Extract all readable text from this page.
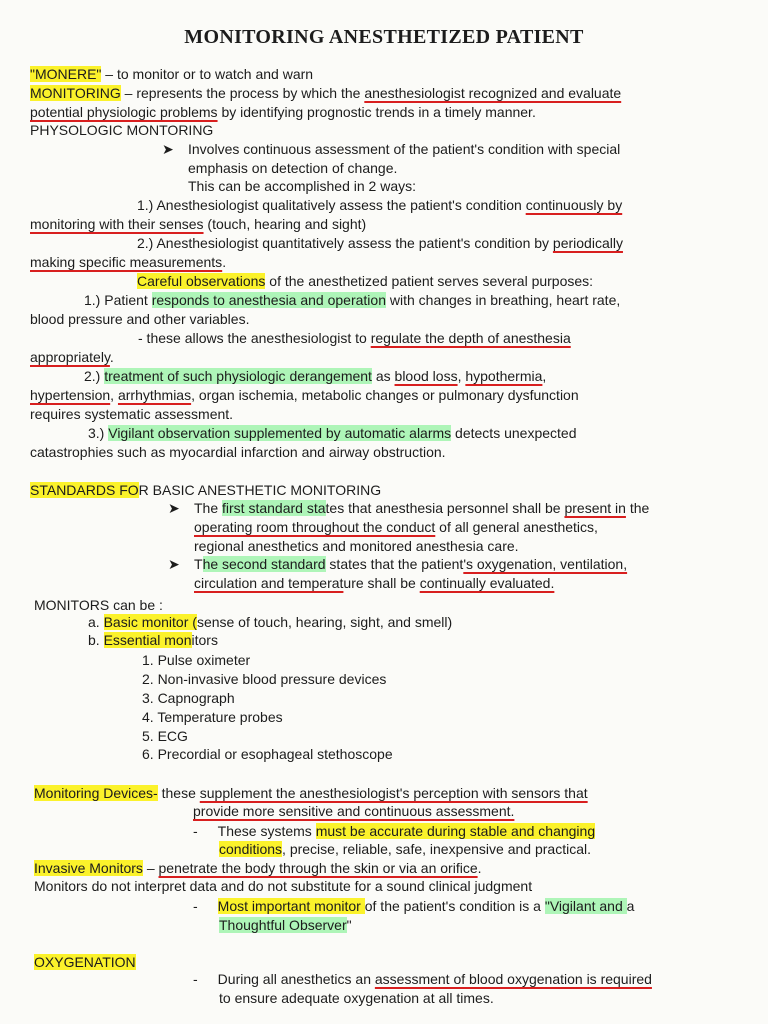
MONITORING ANESTHETIZED PATIENT
"MONERE" – to monitor or to watch and warn
MONITORING – represents the process by which the anesthesiologist recognized and evaluate
potential physiologic problems by identifying prognostic trends in a timely manner.
PHYSOLOGIC MONTORING
➤ Involves continuous assessment of the patient's condition with special
emphasis on detection of change.
This can be accomplished in 2 ways:
1.) Anesthesiologist qualitatively assess the patient's condition continuously by
monitoring with their senses (touch, hearing and sight)
2.) Anesthesiologist quantitatively assess the patient's condition by periodically
making specific measurements.
Careful observations of the anesthetized patient serves several purposes:
1.) Patient responds to anesthesia and operation with changes in breathing, heart rate,
blood pressure and other variables.
- these allows the anesthesiologist to regulate the depth of anesthesia
appropriately.
2.) treatment of such physiologic derangement as blood loss, hypothermia,
hypertension, arrhythmias, organ ischemia, metabolic changes or pulmonary dysfunction
requires systematic assessment.
3.) Vigilant observation supplemented by automatic alarms detects unexpected
catastrophies such as myocardial infarction and airway obstruction.
STANDARDS FOR BASIC ANESTHETIC MONITORING
➤ The first standard states that anesthesia personnel shall be present in the
operating room throughout the conduct of all general anesthetics,
regional anesthetics and monitored anesthesia care.
➤ The second standard states that the patient's oxygenation, ventilation,
circulation and temperature shall be continually evaluated.
MONITORS can be :
a. Basic monitor (sense of touch, hearing, sight, and smell)
b. Essential monitors
1. Pulse oximeter
2. Non-invasive blood pressure devices
3. Capnograph
4. Temperature probes
5. ECG
6. Precordial or esophageal stethoscope
Monitoring Devices- these supplement the anesthesiologist's perception with sensors that
provide more sensitive and continuous assessment.
- These systems must be accurate during stable and changing
conditions, precise, reliable, safe, inexpensive and practical.
Invasive Monitors – penetrate the body through the skin or via an orifice.
Monitors do not interpret data and do not substitute for a sound clinical judgment
- Most important monitor of the patient's condition is a "Vigilant and a
Thoughtful Observer"
OXYGENATION
- During all anesthetics an assessment of blood oxygenation is required
to ensure adequate oxygenation at all times.
